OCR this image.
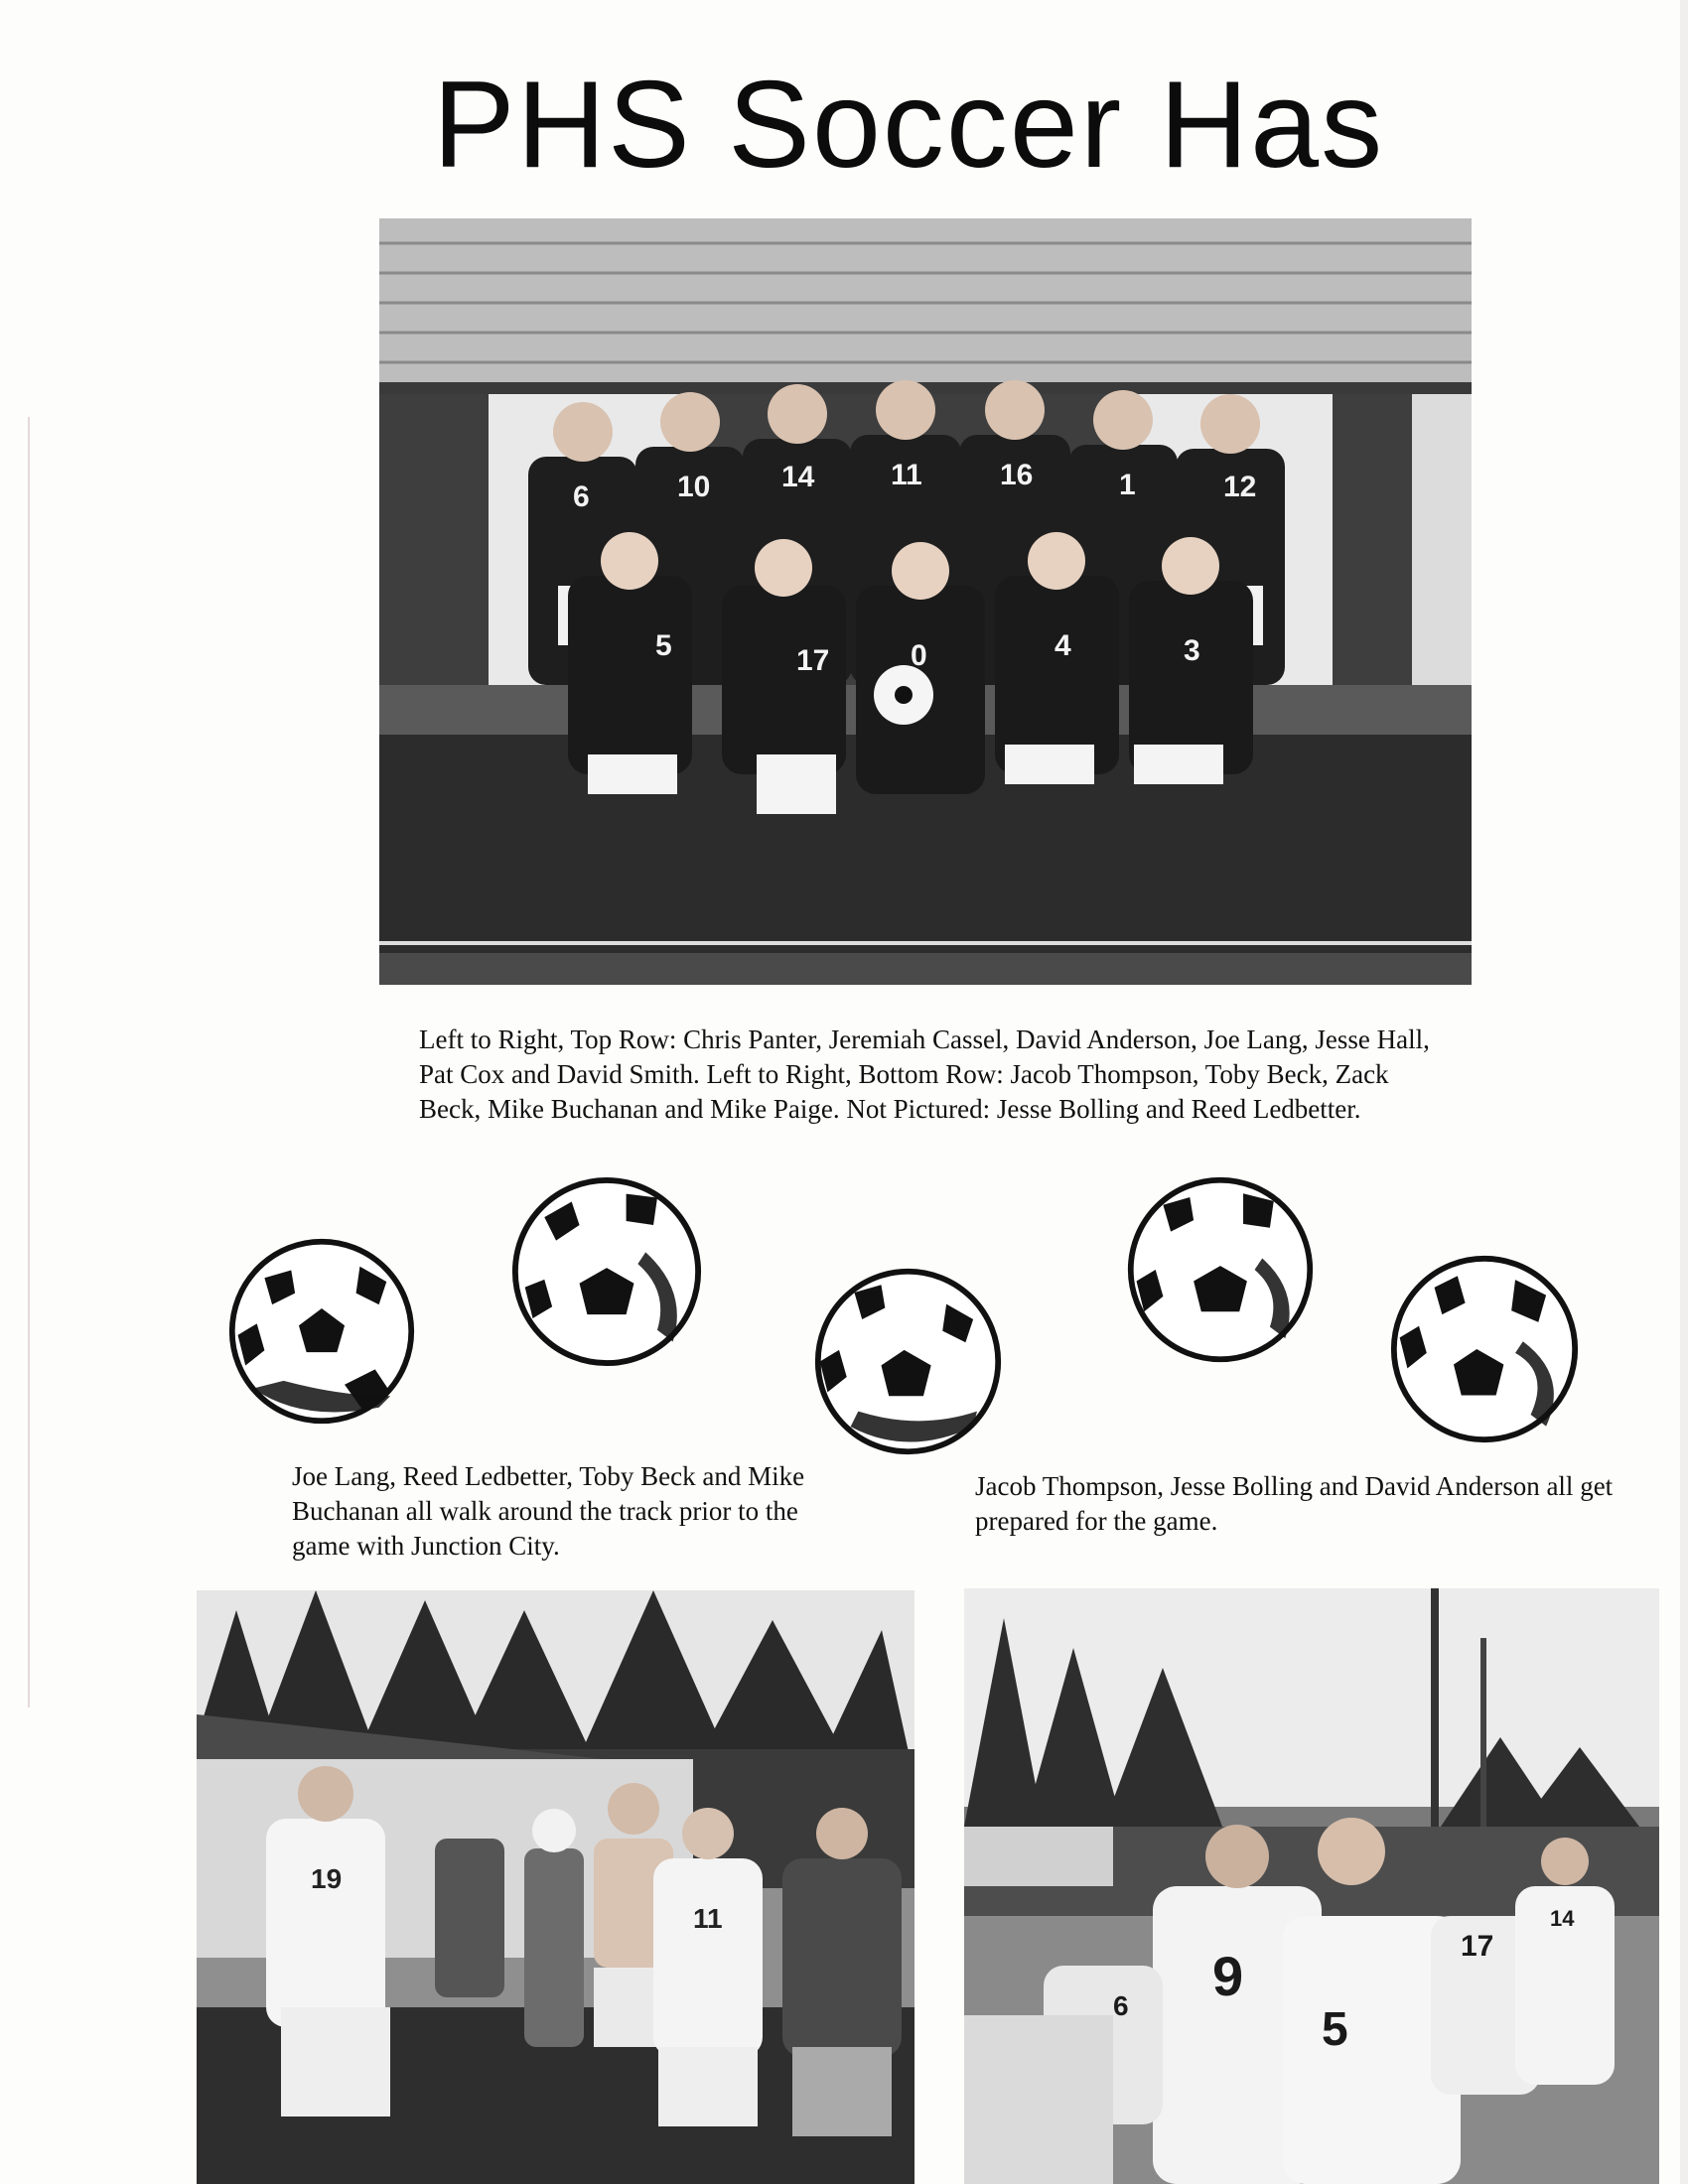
PHS Soccer Has
6	10 14	11	16	1	12
5	17	0	4	3
Left to Right, Top Row: Chris Panter, Jeremiah Cassel, David Anderson, Joe Lang, Jesse Hall, Pat Cox and David Smith. Left to Right, Bottom Row: Jacob Thompson, Toby Beck, Zack Beck, Mike Buchanan and Mike Paige. Not Pictured: Jesse Bolling and Reed Ledbetter.
Joe Lang, Reed Ledbetter, Toby Beck and Mike Buchanan all walk around the track prior to the game with Junction City.
Jacob Thompson, Jesse Bolling and David Anderson all get prepared for the game.
19
11
9
5
17
14
6
